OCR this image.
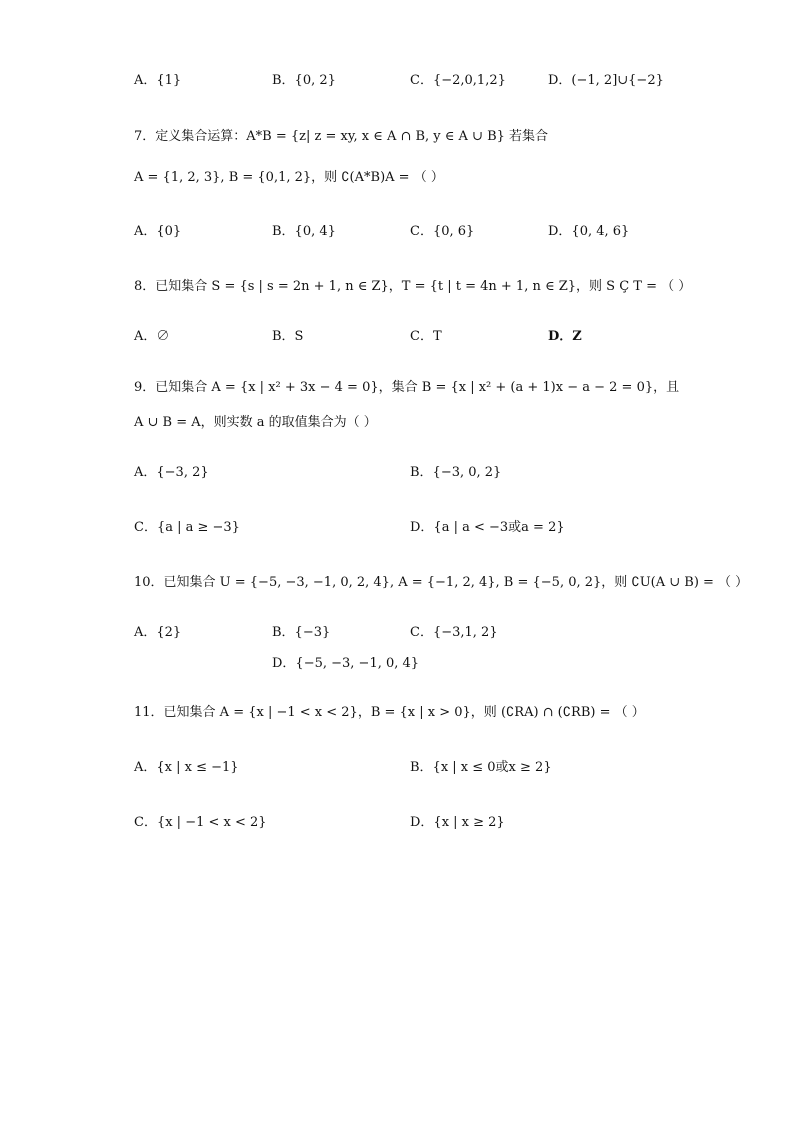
A．{1}	B．{0, 2}	C．{−2,0,1,2}	D．(−1, 2]∪{−2}
7．定义集合运算：A*B = {z| z = xy, x ∈ A ∩ B, y ∈ A ∪ B} 若集合
A = {1, 2, 3}, B = {0,1, 2}，则 ∁(A*B)A = （ ）
A．{0}	B．{0, 4}	C．{0, 6}	D．{0, 4, 6}
8．已知集合 S = {s | s = 2n + 1, n ∈ Z}，T = {t | t = 4n + 1, n ∈ Z}，则 S Ç T = （ ）
A．∅	B．S	C．T	D．Z
9．已知集合 A = {x | x² + 3x − 4 = 0}，集合 B = {x | x² + (a + 1)x − a − 2 = 0}，且
A ∪ B = A，则实数 a 的取值集合为（ ）
A．{−3, 2}	B．{−3, 0, 2}
C．{a | a ≥ −3}	D．{a | a < −3或a = 2}
10．已知集合 U = {−5, −3, −1, 0, 2, 4}, A = {−1, 2, 4}, B = {−5, 0, 2}，则 ∁U(A ∪ B) = （ ）
A．{2}	B．{−3}	C．{−3,1, 2}
D．{−5, −3, −1, 0, 4}
11．已知集合 A = {x | −1 < x < 2}，B = {x | x > 0}，则 (∁RA) ∩ (∁RB) = （ ）
A．{x | x ≤ −1}	B．{x | x ≤ 0或x ≥ 2}
C．{x | −1 < x < 2}	D．{x | x ≥ 2}
